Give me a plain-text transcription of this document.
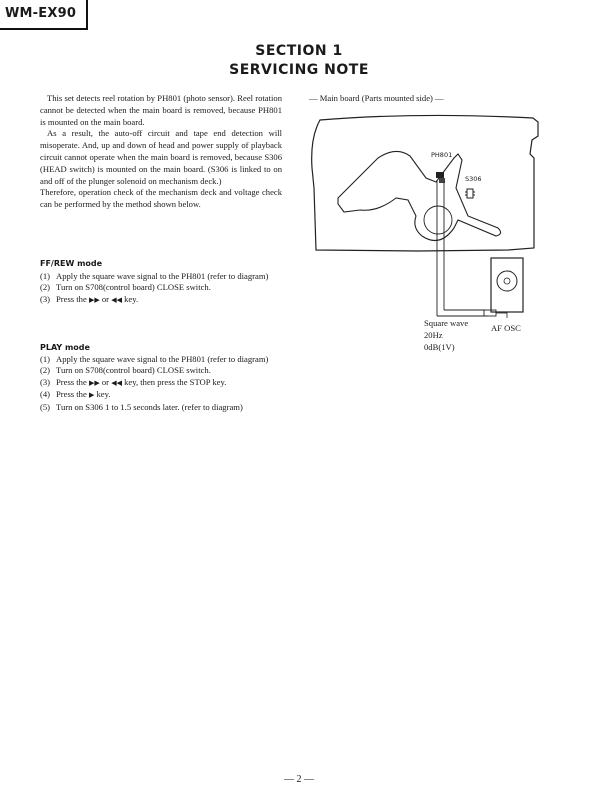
WM-EX90
SECTION 1
SERVICING NOTE

This set detects reel rotation by PH801 (photo sensor). Reel rotation cannot be detected when the main board is removed, because PH801 is mounted on the main board.

As a result, the auto-off circuit and tape end detection will misoperate. And, up and down of head and power supply of playback circuit cannot operate when the main board is removed, because S306 (HEAD switch) is mounted on the main board. (S306 is linked to on and off of the plunger solenoid on mechanism deck.)

Therefore, operation check of the mechanism deck and voltage check can be performed by the method shown below.

FF/REW mode
(1) Apply the square wave signal to the PH801 (refer to diagram)
(2) Turn on S708(control board) CLOSE switch.
(3) Press the ▶▶ or ◀◀ key.
PLAY mode
(1) Apply the square wave signal to the PH801 (refer to diagram)
(2) Turn on S708(control board) CLOSE switch.
(3) Press the ▶▶ or ◀◀ key, then press the STOP key.
(4) Press the ▶ key.
(5) Turn on S306 1 to 1.5 seconds later. (refer to diagram)
— Main board (Parts mounted side) —
PH801
S306
Square wave
20Hz
0dB(1V)
AF OSC
— 2 —
